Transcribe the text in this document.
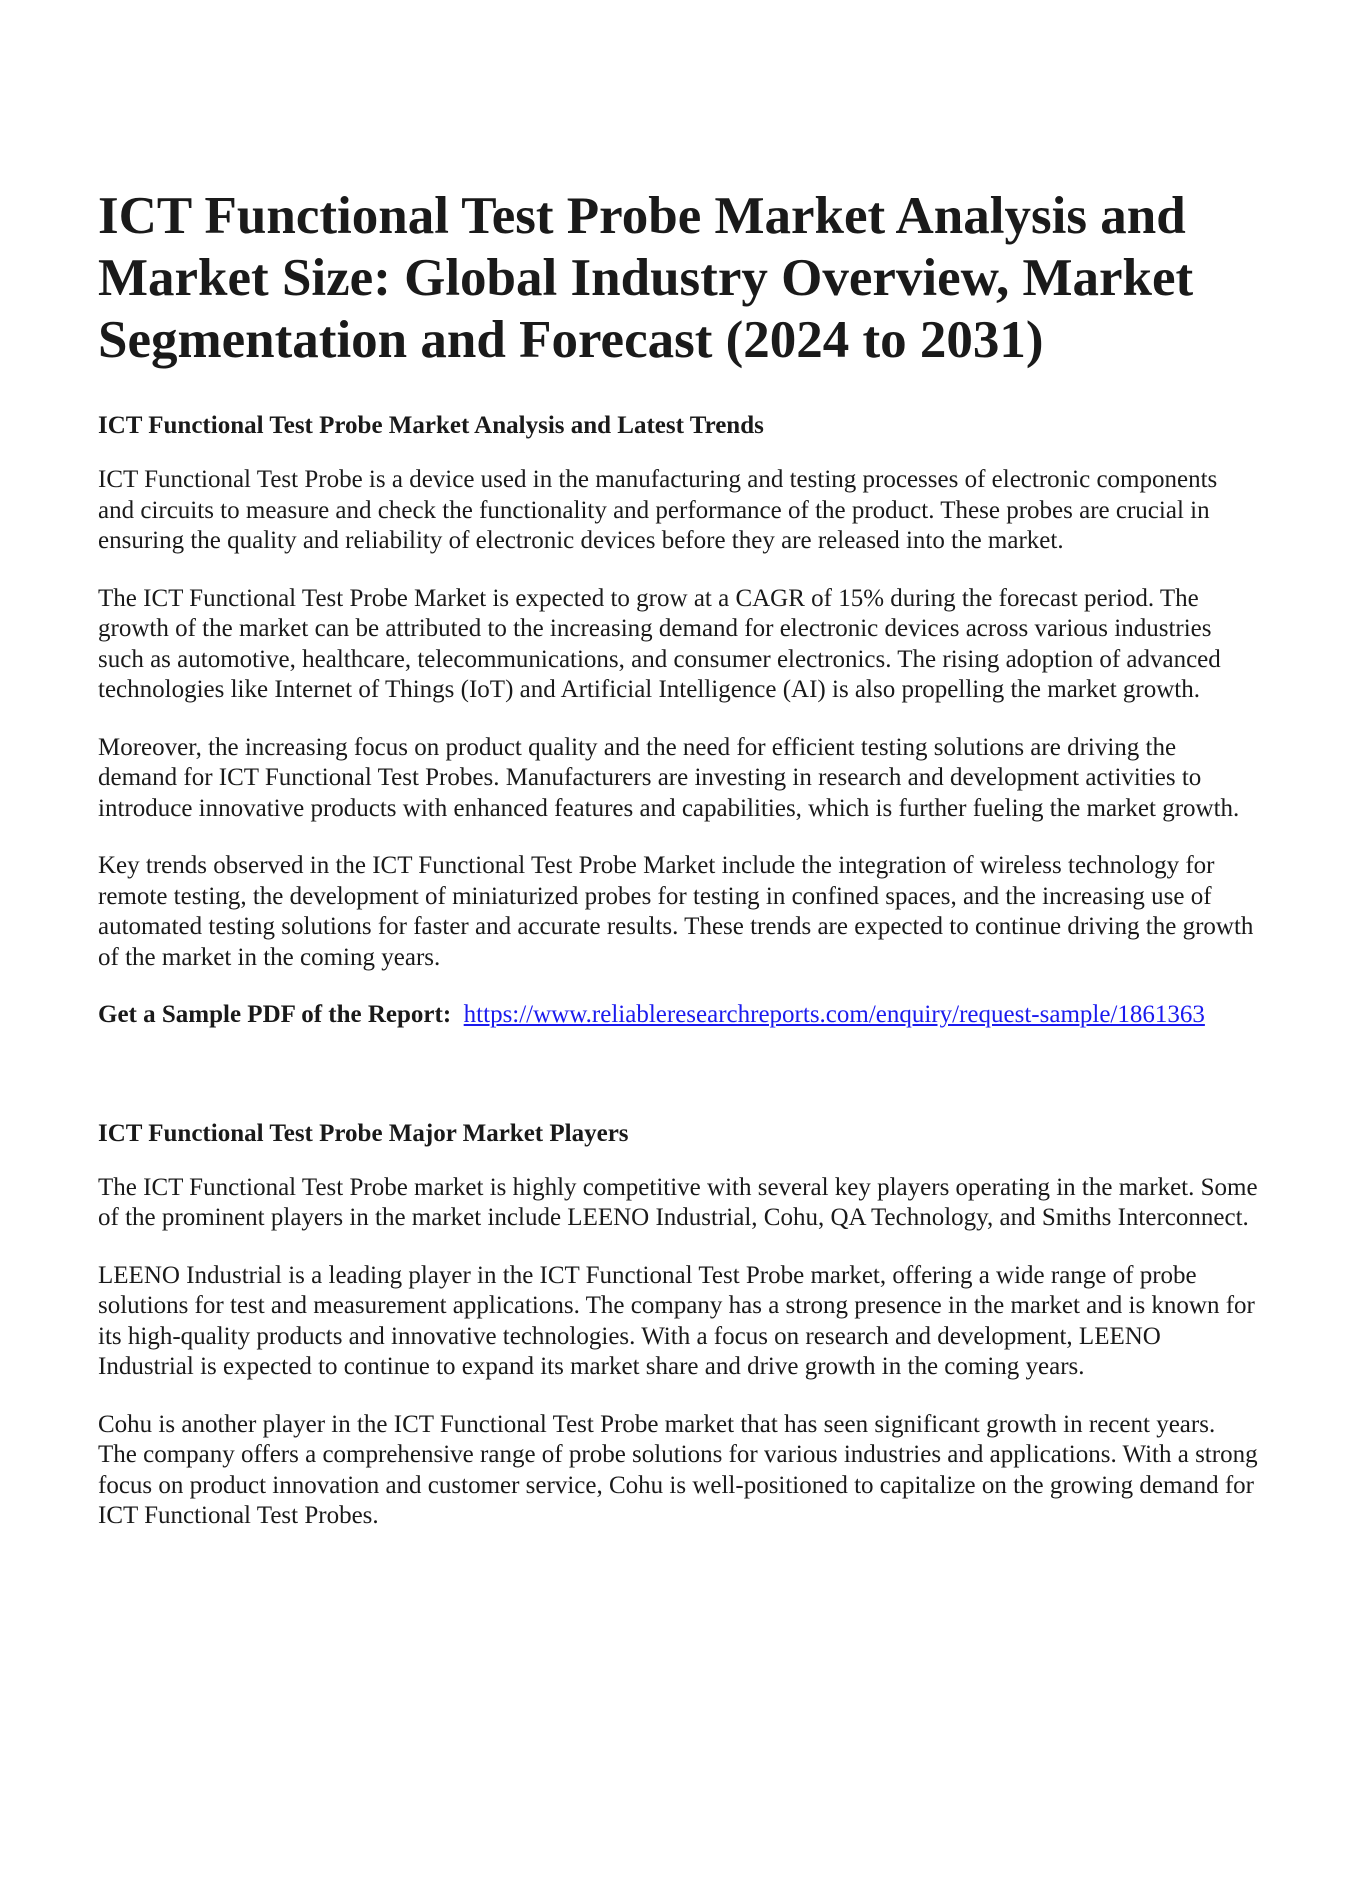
ICT Functional Test Probe Market Analysis and Market Size: Global Industry Overview, Market Segmentation and Forecast (2024 to 2031)
ICT Functional Test Probe Market Analysis and Latest Trends

ICT Functional Test Probe is a device used in the manufacturing and testing processes of electronic components and circuits to measure and check the functionality and performance of the product. These probes are crucial in ensuring the quality and reliability of electronic devices before they are released into the market.

The ICT Functional Test Probe Market is expected to grow at a CAGR of 15% during the forecast period. The growth of the market can be attributed to the increasing demand for electronic devices across various industries such as automotive, healthcare, telecommunications, and consumer electronics. The rising adoption of advanced technologies like Internet of Things (IoT) and Artificial Intelligence (AI) is also propelling the market growth.

Moreover, the increasing focus on product quality and the need for efficient testing solutions are driving the demand for ICT Functional Test Probes. Manufacturers are investing in research and development activities to introduce innovative products with enhanced features and capabilities, which is further fueling the market growth.

Key trends observed in the ICT Functional Test Probe Market include the integration of wireless technology for remote testing, the development of miniaturized probes for testing in confined spaces, and the increasing use of automated testing solutions for faster and accurate results. These trends are expected to continue driving the growth of the market in the coming years.

Get a Sample PDF of the Report: https://www.reliableresearchreports.com/enquiry/request-sample/1861363

ICT Functional Test Probe Major Market Players

The ICT Functional Test Probe market is highly competitive with several key players operating in the market. Some of the prominent players in the market include LEENO Industrial, Cohu, QA Technology, and Smiths Interconnect.

LEENO Industrial is a leading player in the ICT Functional Test Probe market, offering a wide range of probe solutions for test and measurement applications. The company has a strong presence in the market and is known for its high-quality products and innovative technologies. With a focus on research and development, LEENO Industrial is expected to continue to expand its market share and drive growth in the coming years.

Cohu is another player in the ICT Functional Test Probe market that has seen significant growth in recent years. The company offers a comprehensive range of probe solutions for various industries and applications. With a strong focus on product innovation and customer service, Cohu is well-positioned to capitalize on the growing demand for ICT Functional Test Probes.
